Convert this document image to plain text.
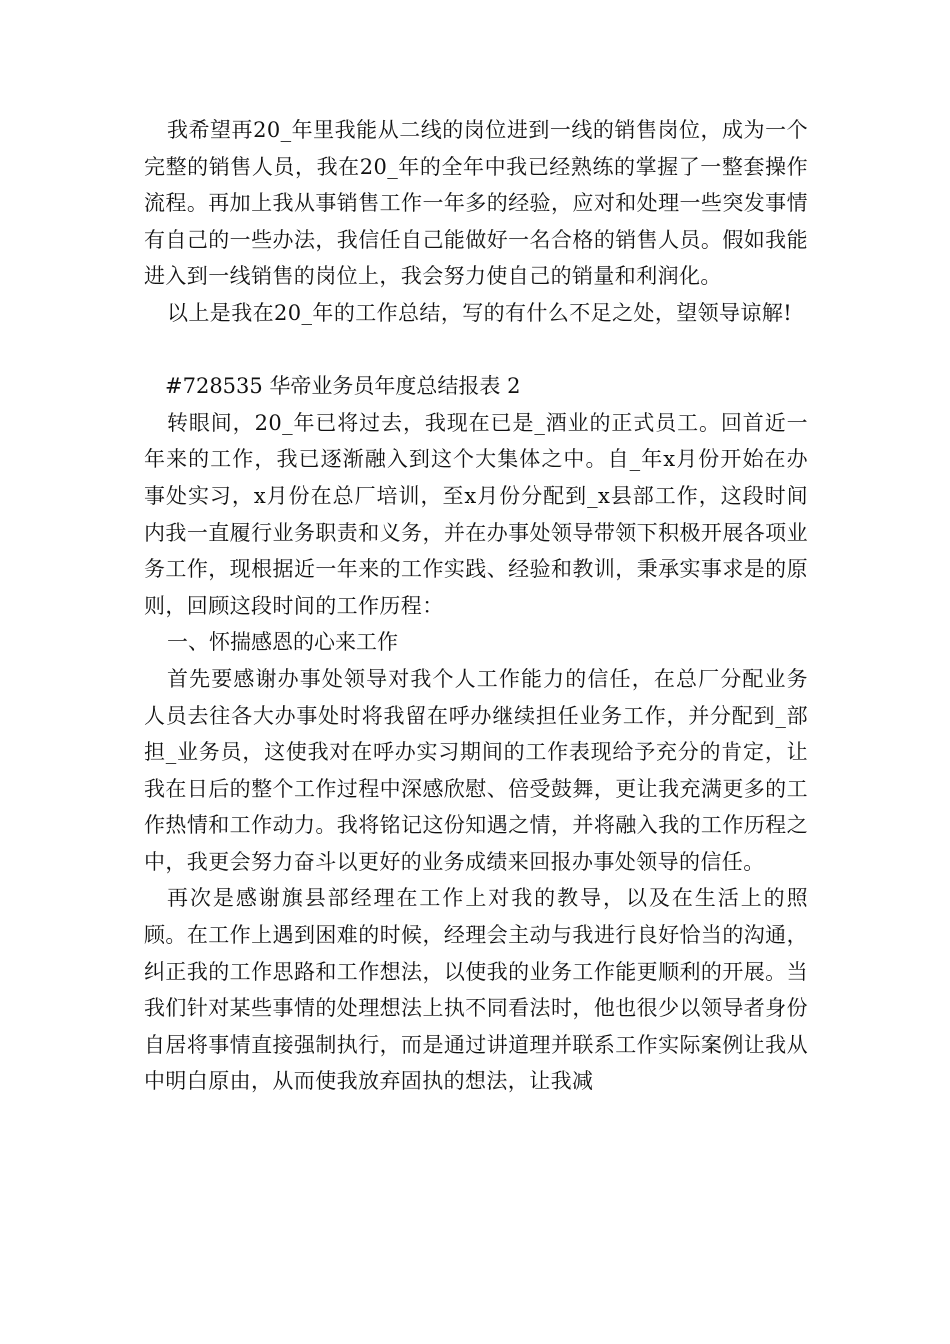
我希望再20_年里我能从二线的岗位进到一线的销售岗位，成为一个完整的销售人员，我在20_年的全年中我已经熟练的掌握了一整套操作流程。再加上我从事销售工作一年多的经验，应对和处理一些突发事情有自己的一些办法，我信任自己能做好一名合格的销售人员。假如我能进入到一线销售的岗位上，我会努力使自己的销量和利润化。

以上是我在20_年的工作总结，写的有什么不足之处，望领导谅解!

#728535 华帝业务员年度总结报表 2

转眼间，20_年已将过去，我现在已是_酒业的正式员工。回首近一年来的工作，我已逐渐融入到这个大集体之中。自_年x月份开始在办事处实习，x月份在总厂培训，至x月份分配到_x县部工作，这段时间内我一直履行业务职责和义务，并在办事处领导带领下积极开展各项业务工作，现根据近一年来的工作实践、经验和教训，秉承实事求是的原则，回顾这段时间的工作历程：

一、怀揣感恩的心来工作

首先要感谢办事处领导对我个人工作能力的信任，在总厂分配业务人员去往各大办事处时将我留在呼办继续担任业务工作，并分配到_部担_业务员，这使我对在呼办实习期间的工作表现给予充分的肯定，让我在日后的整个工作过程中深感欣慰、倍受鼓舞，更让我充满更多的工作热情和工作动力。我将铭记这份知遇之情，并将融入我的工作历程之中，我更会努力奋斗以更好的业务成绩来回报办事处领导的信任。

再次是感谢旗县部经理在工作上对我的教导，以及在生活上的照顾。在工作上遇到困难的时候，经理会主动与我进行良好恰当的沟通，纠正我的工作思路和工作想法，以使我的业务工作能更顺利的开展。当我们针对某些事情的处理想法上执不同看法时，他也很少以领导者身份自居将事情直接强制执行，而是通过讲道理并联系工作实际案例让我从中明白原由，从而使我放弃固执的想法，让我减
